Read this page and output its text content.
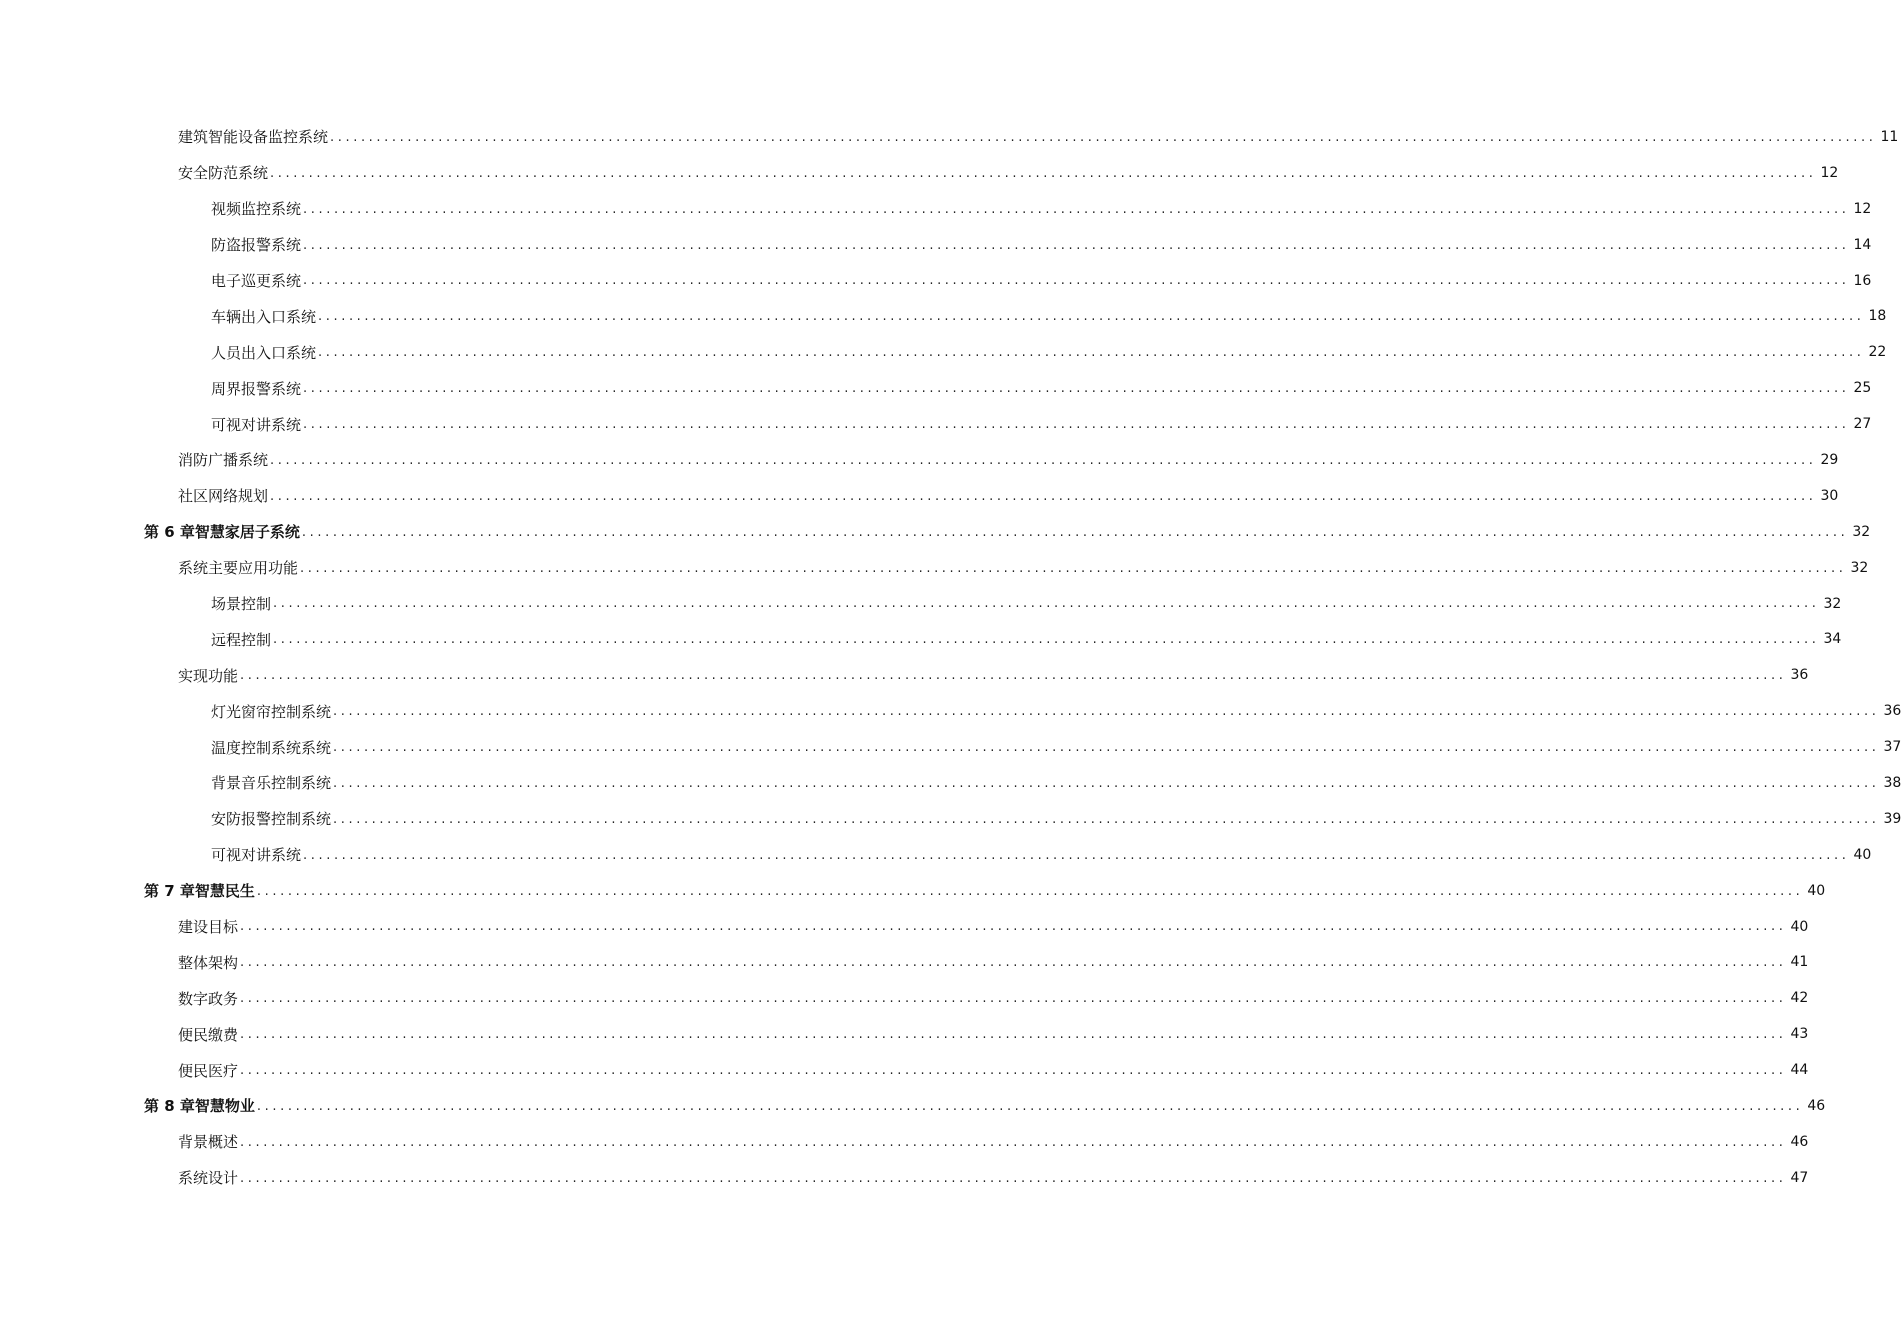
建筑智能设备监控系统 ........................................................................................................................................................................................................ 11
安全防范系统 ........................................................................................................................................................................................................ 12
视频监控系统 ........................................................................................................................................................................................................ 12
防盗报警系统 ........................................................................................................................................................................................................ 14
电子巡更系统 ........................................................................................................................................................................................................ 16
车辆出入口系统 ........................................................................................................................................................................................................ 18
人员出入口系统 ........................................................................................................................................................................................................ 22
周界报警系统 ........................................................................................................................................................................................................ 25
可视对讲系统 ........................................................................................................................................................................................................ 27
消防广播系统 ........................................................................................................................................................................................................ 29
社区网络规划 ........................................................................................................................................................................................................ 30
第 6 章 智慧家居子系统 ........................................................................................................................................................................................................ 32
系统主要应用功能 ........................................................................................................................................................................................................ 32
场景控制 ........................................................................................................................................................................................................ 32
远程控制 ........................................................................................................................................................................................................ 34
实现功能 ........................................................................................................................................................................................................ 36
灯光窗帘控制系统 ........................................................................................................................................................................................................ 36
温度控制系统系统 ........................................................................................................................................................................................................ 37
背景音乐控制系统 ........................................................................................................................................................................................................ 38
安防报警控制系统 ........................................................................................................................................................................................................ 39
可视对讲系统 ........................................................................................................................................................................................................ 40
第 7 章 智慧民生 ........................................................................................................................................................................................................ 40
建设目标 ........................................................................................................................................................................................................ 40
整体架构 ........................................................................................................................................................................................................ 41
数字政务 ........................................................................................................................................................................................................ 42
便民缴费 ........................................................................................................................................................................................................ 43
便民医疗 ........................................................................................................................................................................................................ 44
第 8 章 智慧物业 ........................................................................................................................................................................................................ 46
背景概述 ........................................................................................................................................................................................................ 46
系统设计 ........................................................................................................................................................................................................ 47
